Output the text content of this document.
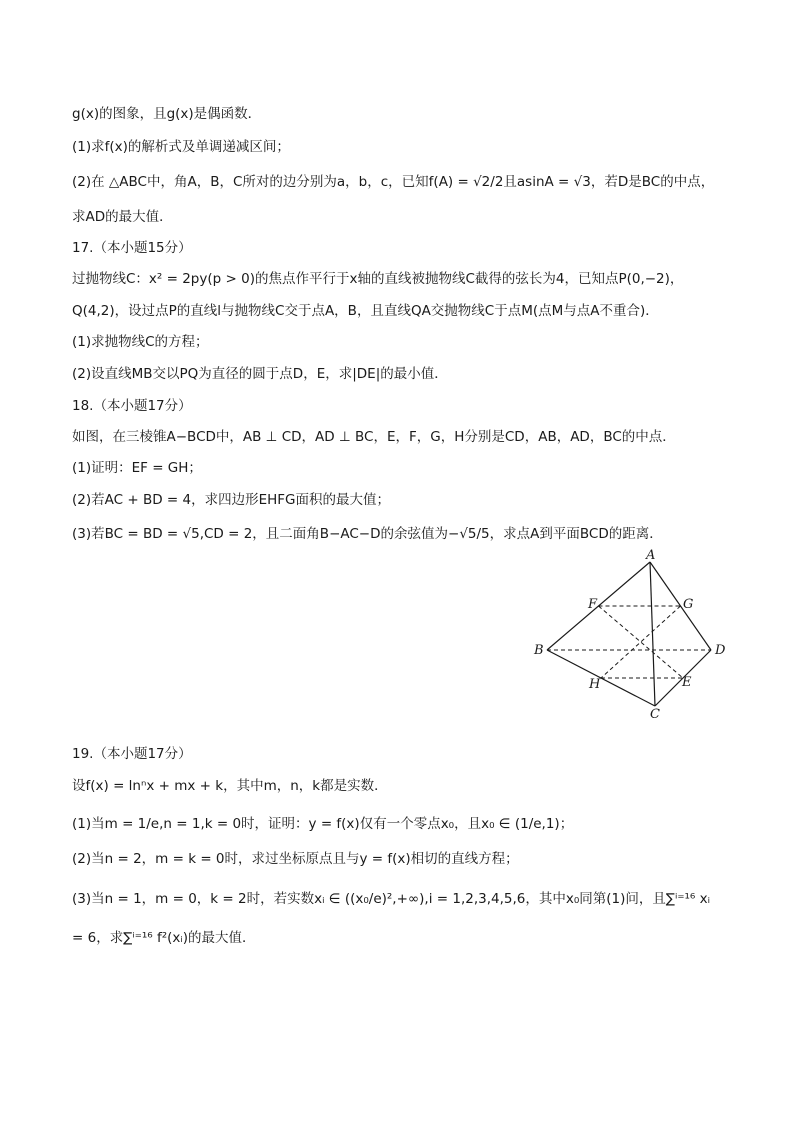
g(x)的图象，且g(x)是偶函数．
(1)求f(x)的解析式及单调递减区间；
(2)在 △ABC中，角A，B，C所对的边分别为a，b，c，已知f(A) = √2/2且asinA = √3，若D是BC的中点，
求AD的最大值．
17.（本小题15分）
过抛物线C：x² = 2py(p > 0)的焦点作平行于x轴的直线被抛物线C截得的弦长为4，已知点P(0,−2)，
Q(4,2)，设过点P的直线l与抛物线C交于点A，B，且直线QA交抛物线C于点M(点M与点A不重合)．
(1)求抛物线C的方程；
(2)设直线MB交以PQ为直径的圆于点D，E，求|DE|的最小值．
18.（本小题17分）
如图，在三棱锥A−BCD中，AB ⊥ CD，AD ⊥ BC，E，F，G，H分别是CD，AB，AD，BC的中点．
(1)证明：EF = GH；
(2)若AC + BD = 4，求四边形EHFG面积的最大值；
(3)若BC = BD = √5,CD = 2，且二面角B−AC−D的余弦值为−√5/5，求点A到平面BCD的距离．
A
B
C
D
E
F	G
H
19.（本小题17分）
设f(x) = lnⁿx + mx + k，其中m，n，k都是实数．
(1)当m = 1/e,n = 1,k = 0时，证明：y = f(x)仅有一个零点x₀，且x₀ ∈ (1/e,1)；
(2)当n = 2，m = k = 0时，求过坐标原点且与y = f(x)相切的直线方程；
(3)当n = 1，m = 0，k = 2时，若实数xᵢ ∈ ((x₀/e)²,+∞),i = 1,2,3,4,5,6，其中x₀同第(1)问，且∑ⁱ⁼¹⁶ xᵢ
= 6，求∑ⁱ⁼¹⁶ f²(xᵢ)的最大值．
